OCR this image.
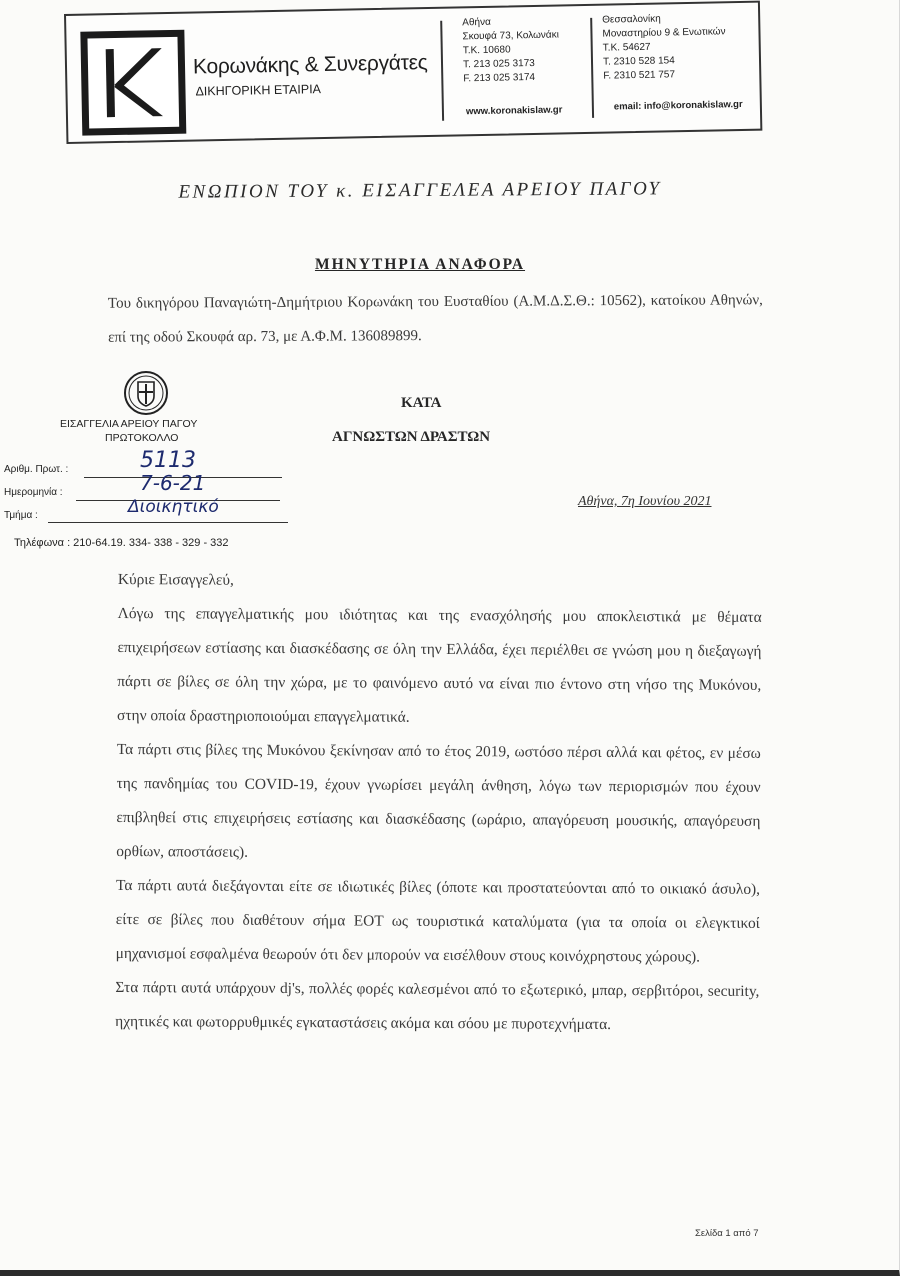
Κορωνάκης & Συνεργάτες
ΔΙΚΗΓΟΡΙΚΗ ΕΤΑΙΡΙΑ
Αθήνα
Σκουφά 73, Κολωνάκι
Τ.Κ. 10680
T. 213 025 3173
F. 213 025 3174
Θεσσαλονίκη
Μοναστηρίου 9 & Ενωτικών
Τ.Κ. 54627
T. 2310 528 154
F. 2310 521 757
www.koronakislaw.gr	email: info@koronakislaw.gr
ΕΝΩΠΙΟΝ ΤΟΥ κ. ΕΙΣΑΓΓΕΛΕΑ ΑΡΕΙΟΥ ΠΑΓΟΥ
ΜΗΝΥΤΗΡΙΑ ΑΝΑΦΟΡΑ
Του δικηγόρου Παναγιώτη-Δημήτριου Κορωνάκη του Ευσταθίου (Α.Μ.Δ.Σ.Θ.: 10562), κατοίκου Αθηνών, επί της οδού Σκουφά αρ. 73, με Α.Φ.Μ. 136089899.
ΚΑΤΑ
ΑΓΝΩΣΤΩΝ ΔΡΑΣΤΩΝ
ΕΙΣΑΓΓΕΛΙΑ ΑΡΕΙΟΥ ΠΑΓΟΥ
ΠΡΩΤΟΚΟΛΛΟ
Αριθμ. Πρωτ. :	5113
Ημερομηνία :	7-6-21
Τμήμα :	Διοικητικό
Τηλέφωνα : 210-64.19. 334- 338 - 329 - 332
Αθήνα, 7η Ιουνίου 2021

Κύριε Εισαγγελεύ,

Λόγω της επαγγελματικής μου ιδιότητας και της ενασχόλησής μου αποκλειστικά με θέματα επιχειρήσεων εστίασης και διασκέδασης σε όλη την Ελλάδα, έχει περιέλθει σε γνώση μου η διεξαγωγή πάρτι σε βίλες σε όλη την χώρα, με το φαινόμενο αυτό να είναι πιο έντονο στη νήσο της Μυκόνου, στην οποία δραστηριοποιούμαι επαγγελματικά.

Τα πάρτι στις βίλες της Μυκόνου ξεκίνησαν από το έτος 2019, ωστόσο πέρσι αλλά και φέτος, εν μέσω της πανδημίας του COVID-19, έχουν γνωρίσει μεγάλη άνθηση, λόγω των περιορισμών που έχουν επιβληθεί στις επιχειρήσεις εστίασης και διασκέδασης (ωράριο, απαγόρευση μουσικής, απαγόρευση ορθίων, αποστάσεις).

Τα πάρτι αυτά διεξάγονται είτε σε ιδιωτικές βίλες (όποτε και προστατεύονται από το οικιακό άσυλο), είτε σε βίλες που διαθέτουν σήμα ΕΟΤ ως τουριστικά καταλύματα (για τα οποία οι ελεγκτικοί μηχανισμοί εσφαλμένα θεωρούν ότι δεν μπορούν να εισέλθουν στους κοινόχρηστους χώρους).

Στα πάρτι αυτά υπάρχουν dj's, πολλές φορές καλεσμένοι από το εξωτερικό, μπαρ, σερβιτόροι, security, ηχητικές και φωτορρυθμικές εγκαταστάσεις ακόμα και σόου με πυροτεχνήματα.

Σελίδα 1 από 7
